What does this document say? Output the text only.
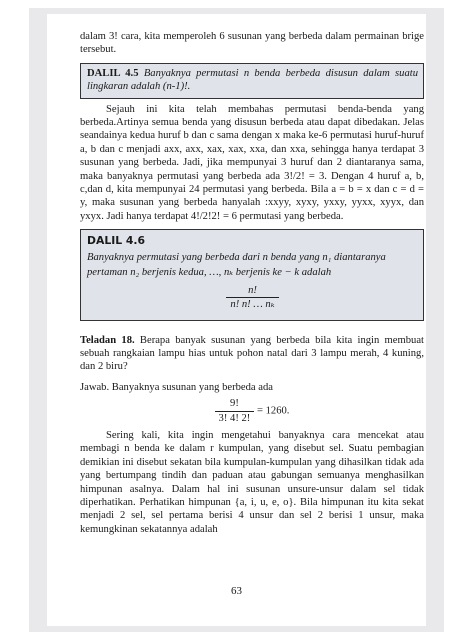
dalam 3! cara, kita memperoleh 6 susunan yang berbeda dalam permainan brige tersebut.

DALIL 4.5 Banyaknya permutasi n benda berbeda disusun dalam suatu lingkaran adalah (n-1)!.

Sejauh ini kita telah membahas permutasi benda-benda yang berbeda.Artinya semua benda yang disusun berbeda atau dapat dibedakan. Jelas seandainya kedua huruf b dan c sama dengan x maka ke-6 permutasi huruf-huruf a, b dan c menjadi axx, axx, xax, xax, xxa, dan xxa, sehingga hanya terdapat 3 susunan yang berbeda. Jadi, jika mempunyai 3 huruf dan 2 diantaranya sama, maka banyaknya permutasi yang berbeda ada 3!/2! = 3. Dengan 4 huruf a, b, c,dan d, kita mempunyai 24 permutasi yang berbeda. Bila a = b = x dan c = d = y, maka susunan yang berbeda hanyalah :xxyy, xyxy, yxxy, yyxx, xyyx, dan yxyx. Jadi hanya terdapat 4!/2!2! = 6 permutasi yang berbeda.

DALIL 4.6
Banyaknya permutasi yang berbeda dari n benda yang n₁ diantaranya
pertaman n₂ berjenis kedua, …, nₖ berjenis ke − k adalah
$\frac{n!}{\text{n! n! … nₖ}}$

Teladan 18. Berapa banyak susunan yang berbeda bila kita ingin membuat sebuah rangkaian lampu hias untuk pohon natal dari 3 lampu merah, 4 kuning, dan 2 biru?

Jawab. Banyaknya susunan yang berbeda ada

$\frac{9!}{3! 4! 2!} = 1260$.

Sering kali, kita ingin mengetahui banyaknya cara mencekat atau membagi n benda ke dalam r kumpulan, yang disebut sel. Suatu pembagian demikian ini disebut sekatan bila kumpulan-kumpulan yang dihasilkan tidak ada yang bertumpang tindih dan paduan atau gabungan semuanya menghasilkan himpunan asalnya. Dalam hal ini susunan unsure-unsur dalam sel tidak diperhatikan. Perhatikan himpunan {a, i, u, e, o}. Bila himpunan itu kita sekat menjadi 2 sel, sel pertama berisi 4 unsur dan sel 2 berisi 1 unsur, maka kemungkinan sekatannya adalah

63
